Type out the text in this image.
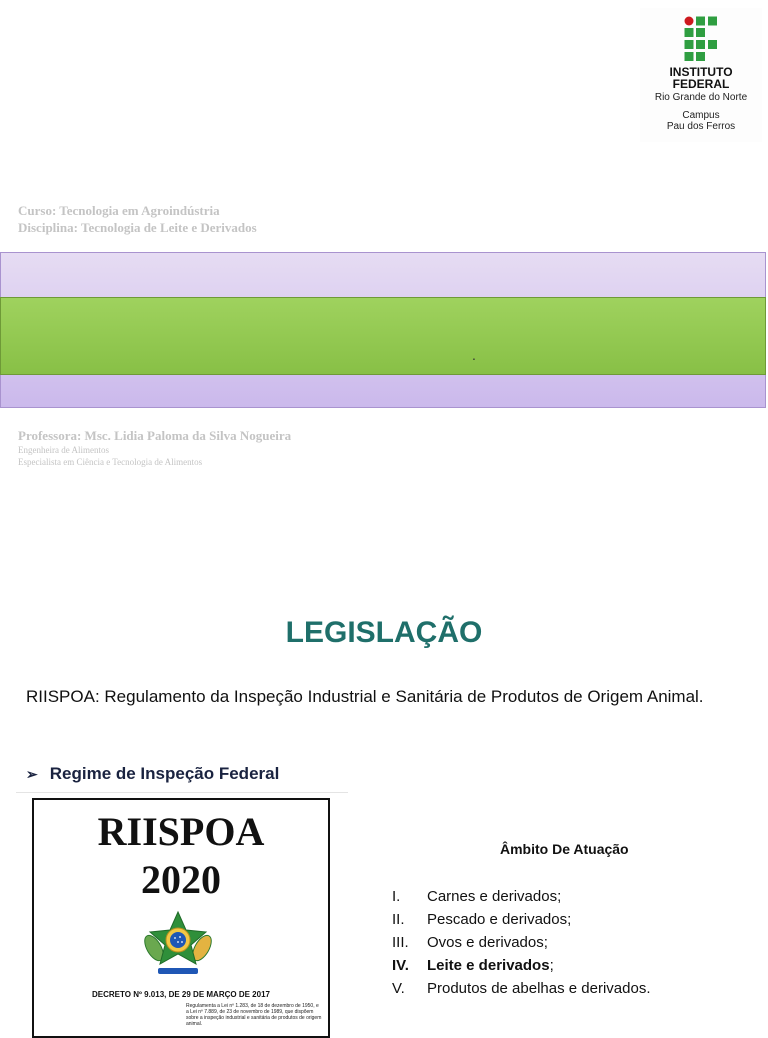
INSTITUTO
FEDERAL
Rio Grande do Norte
Campus
Pau dos Ferros
Curso: Tecnologia em Agroindústria
Disciplina: Tecnologia de Leite e Derivados
.
Professora: Msc. Lidia Paloma da Silva Nogueira
Engenheira de Alimentos
Especialista em Ciência e Tecnologia de Alimentos
LEGISLAÇÃO
RIISPOA: Regulamento da Inspeção Industrial e Sanitária de Produtos de Origem Animal.
➢ Regime de Inspeção Federal
RIISPOA
2020
DECRETO Nº 9.013, DE 29 DE MARÇO DE 2017
Regulamenta a Lei nº 1.283, de 18 de dezembro de 1950, e a Lei nº 7.889, de 23 de novembro de 1989, que dispõem sobre a inspeção industrial e sanitária de produtos de origem animal.
Âmbito De Atuação
I. Carnes e derivados;
II. Pescado e derivados;
III. Ovos e derivados;
IV. Leite e derivados;
V. Produtos de abelhas e derivados.
